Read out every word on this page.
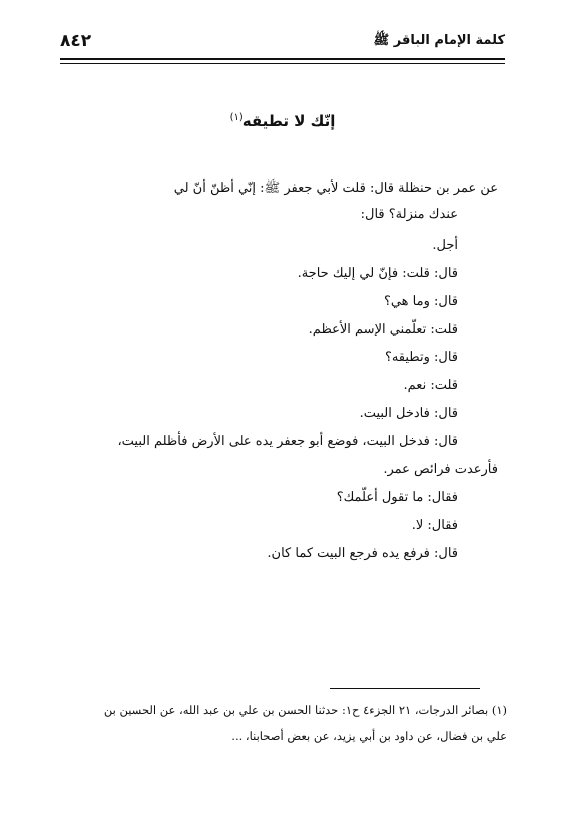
كلمة الإمام الباقر ﷺ
٨٤٢
إنّك لا تطيقه$^{(١)}$

عن عمر بن حنظلة قال: قلت لأبي جعفر ﷺ: إنّي أظنّ أنّ لي

عندك منزلة؟ قال:

أجل.

قال: قلت: فإنّ لي إليك حاجة.

قال: وما هي؟

قلت: تعلّمني الإسم الأعظم.

قال: وتطيقه؟

قلت: نعم.

قال: فادخل البيت.

قال: فدخل البيت، فوضع أبو جعفر يده على الأرض فأظلم البيت،

فأرعدت فرائص عمر.

فقال: ما تقول أعلّمك؟

فقال: لا.

قال: فرفع يده فرجع البيت كما كان.

(١) بصائر الدرجات، ٢١ الجزء٤ ح١: حدثنا الحسن بن علي بن عبد الله، عن الحسين بن

علي بن فضال، عن داود بن أبي يزيد، عن بعض أصحابنا، ...
